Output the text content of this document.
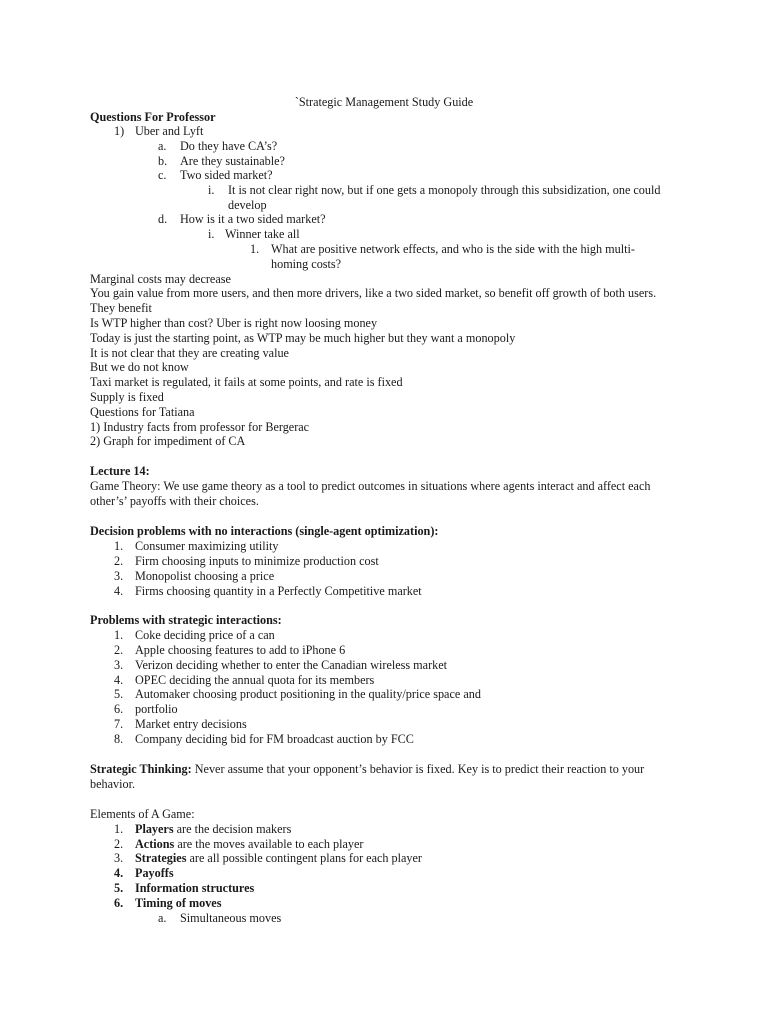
`Strategic Management Study Guide
Questions For Professor
1) Uber and Lyft
a. Do they have CA’s?
b. Are they sustainable?
c. Two sided market?
i. It is not clear right now, but if one gets a monopoly through this subsidization, one could
develop
d. How is it a two sided market?
i. Winner take all
1. What are positive network effects, and who is the side with the high multi-
homing costs?
Marginal costs may decrease
You gain value from more users, and then more drivers, like a two sided market, so benefit off growth of both users.
They benefit
Is WTP higher than cost? Uber is right now loosing money
Today is just the starting point, as WTP may be much higher but they want a monopoly
It is not clear that they are creating value
But we do not know
Taxi market is regulated, it fails at some points, and rate is fixed
Supply is fixed
Questions for Tatiana
1) Industry facts from professor for Bergerac
2) Graph for impediment of CA
Lecture 14:
Game Theory: We use game theory as a tool to predict outcomes in situations where agents interact and affect each
other’s’ payoffs with their choices.
Decision problems with no interactions (single-agent optimization):
1. Consumer maximizing utility
2. Firm choosing inputs to minimize production cost
3. Monopolist choosing a price
4. Firms choosing quantity in a Perfectly Competitive market
Problems with strategic interactions:
1. Coke deciding price of a can
2. Apple choosing features to add to iPhone 6
3. Verizon deciding whether to enter the Canadian wireless market
4. OPEC deciding the annual quota for its members
5. Automaker choosing product positioning in the quality/price space and
6. portfolio
7. Market entry decisions
8. Company deciding bid for FM broadcast auction by FCC
Strategic Thinking: Never assume that your opponent’s behavior is fixed. Key is to predict their reaction to your
behavior.
Elements of A Game:
1. Players are the decision makers
2. Actions are the moves available to each player
3. Strategies are all possible contingent plans for each player
4. Payoffs
5. Information structures
6. Timing of moves
a. Simultaneous moves
